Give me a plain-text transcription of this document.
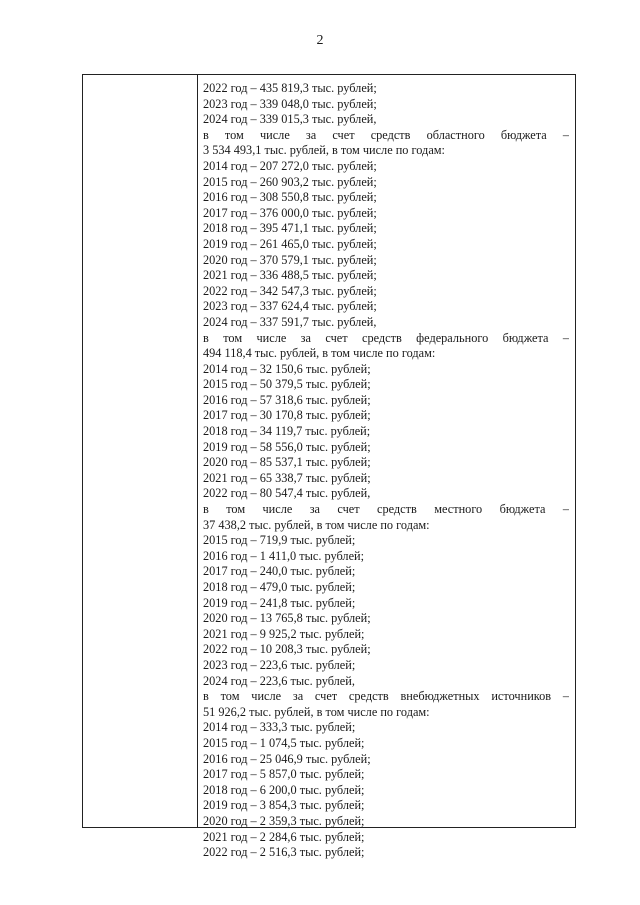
2
2022 год – 435 819,3 тыс. рублей;
2023 год – 339 048,0 тыс. рублей;
2024 год – 339 015,3 тыс. рублей,
в том числе за счет средств областного бюджета –
3 534 493,1 тыс. рублей, в том числе по годам:
2014 год – 207 272,0 тыс. рублей;
2015 год – 260 903,2 тыс. рублей;
2016 год – 308 550,8 тыс. рублей;
2017 год – 376 000,0 тыс. рублей;
2018 год – 395 471,1 тыс. рублей;
2019 год – 261 465,0 тыс. рублей;
2020 год – 370 579,1 тыс. рублей;
2021 год – 336 488,5 тыс. рублей;
2022 год – 342 547,3 тыс. рублей;
2023 год – 337 624,4 тыс. рублей;
2024 год – 337 591,7 тыс. рублей,
в том числе за счет средств федерального бюджета –
494 118,4 тыс. рублей, в том числе по годам:
2014 год – 32 150,6 тыс. рублей;
2015 год – 50 379,5 тыс. рублей;
2016 год – 57 318,6 тыс. рублей;
2017 год – 30 170,8 тыс. рублей;
2018 год – 34 119,7 тыс. рублей;
2019 год – 58 556,0 тыс. рублей;
2020 год – 85 537,1 тыс. рублей;
2021 год – 65 338,7 тыс. рублей;
2022 год – 80 547,4 тыс. рублей,
в том числе за счет средств местного бюджета –
37 438,2 тыс. рублей, в том числе по годам:
2015 год – 719,9 тыс. рублей;
2016 год – 1 411,0 тыс. рублей;
2017 год – 240,0 тыс. рублей;
2018 год – 479,0 тыс. рублей;
2019 год – 241,8 тыс. рублей;
2020 год – 13 765,8 тыс. рублей;
2021 год – 9 925,2 тыс. рублей;
2022 год – 10 208,3 тыс. рублей;
2023 год – 223,6 тыс. рублей;
2024 год – 223,6 тыс. рублей,
в том числе за счет средств внебюджетных источников –
51 926,2 тыс. рублей, в том числе по годам:
2014 год – 333,3 тыс. рублей;
2015 год – 1 074,5 тыс. рублей;
2016 год – 25 046,9 тыс. рублей;
2017 год – 5 857,0 тыс. рублей;
2018 год – 6 200,0 тыс. рублей;
2019 год – 3 854,3 тыс. рублей;
2020 год – 2 359,3 тыс. рублей;
2021 год – 2 284,6 тыс. рублей;
2022 год – 2 516,3 тыс. рублей;
